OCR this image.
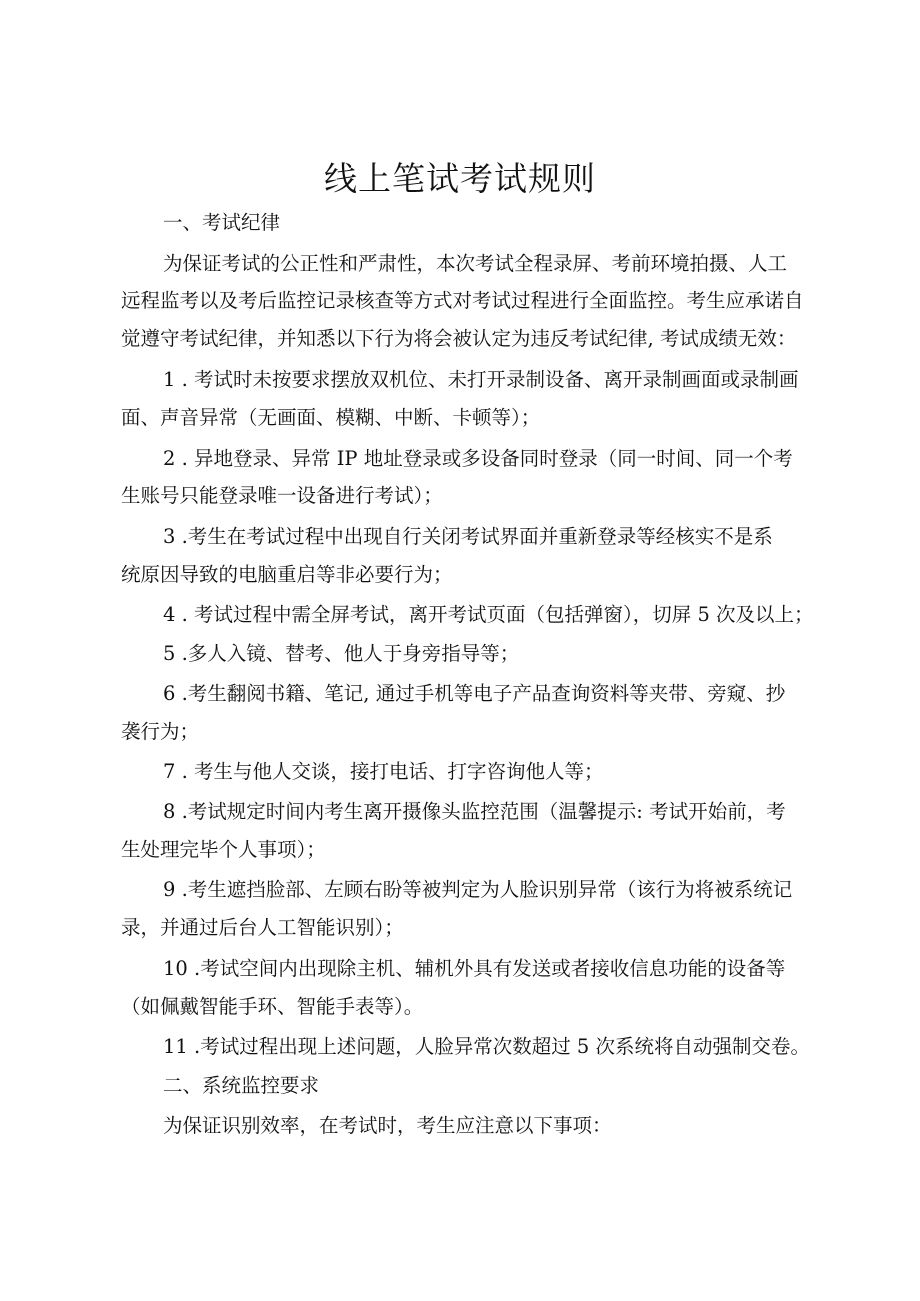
线上笔试考试规则

一、考试纪律

为保证考试的公正性和严肃性，本次考试全程录屏、考前环境拍摄、人工

远程监考以及考后监控记录核查等方式对考试过程进行全面监控。考生应承诺自

觉遵守考试纪律，并知悉以下行为将会被认定为违反考试纪律, 考试成绩无效：

1 . 考试时未按要求摆放双机位、未打开录制设备、离开录制画面或录制画

面、声音异常（无画面、模糊、中断、卡顿等）；

2 . 异地登录、异常 IP 地址登录或多设备同时登录（同一时间、同一个考

生账号只能登录唯一设备进行考试）；

3 .考生在考试过程中出现自行关闭考试界面并重新登录等经核实不是系

统原因导致的电脑重启等非必要行为；

4 . 考试过程中需全屏考试，离开考试页面（包括弹窗），切屏 5 次及以上；

5 .多人入镜、替考、他人于身旁指导等；

6 .考生翻阅书籍、笔记, 通过手机等电子产品查询资料等夹带、旁窥、抄

袭行为；

7 . 考生与他人交谈，接打电话、打字咨询他人等；

8 .考试规定时间内考生离开摄像头监控范围（温馨提示: 考试开始前，考

生处理完毕个人事项）；

9 .考生遮挡脸部、左顾右盼等被判定为人脸识别异常（该行为将被系统记

录，并通过后台人工智能识别）；

10 .考试空间内出现除主机、辅机外具有发送或者接收信息功能的设备等

（如佩戴智能手环、智能手表等）。

11 .考试过程出现上述问题，人脸异常次数超过 5 次系统将自动强制交卷。

二、系统监控要求

为保证识别效率，在考试时，考生应注意以下事项：
